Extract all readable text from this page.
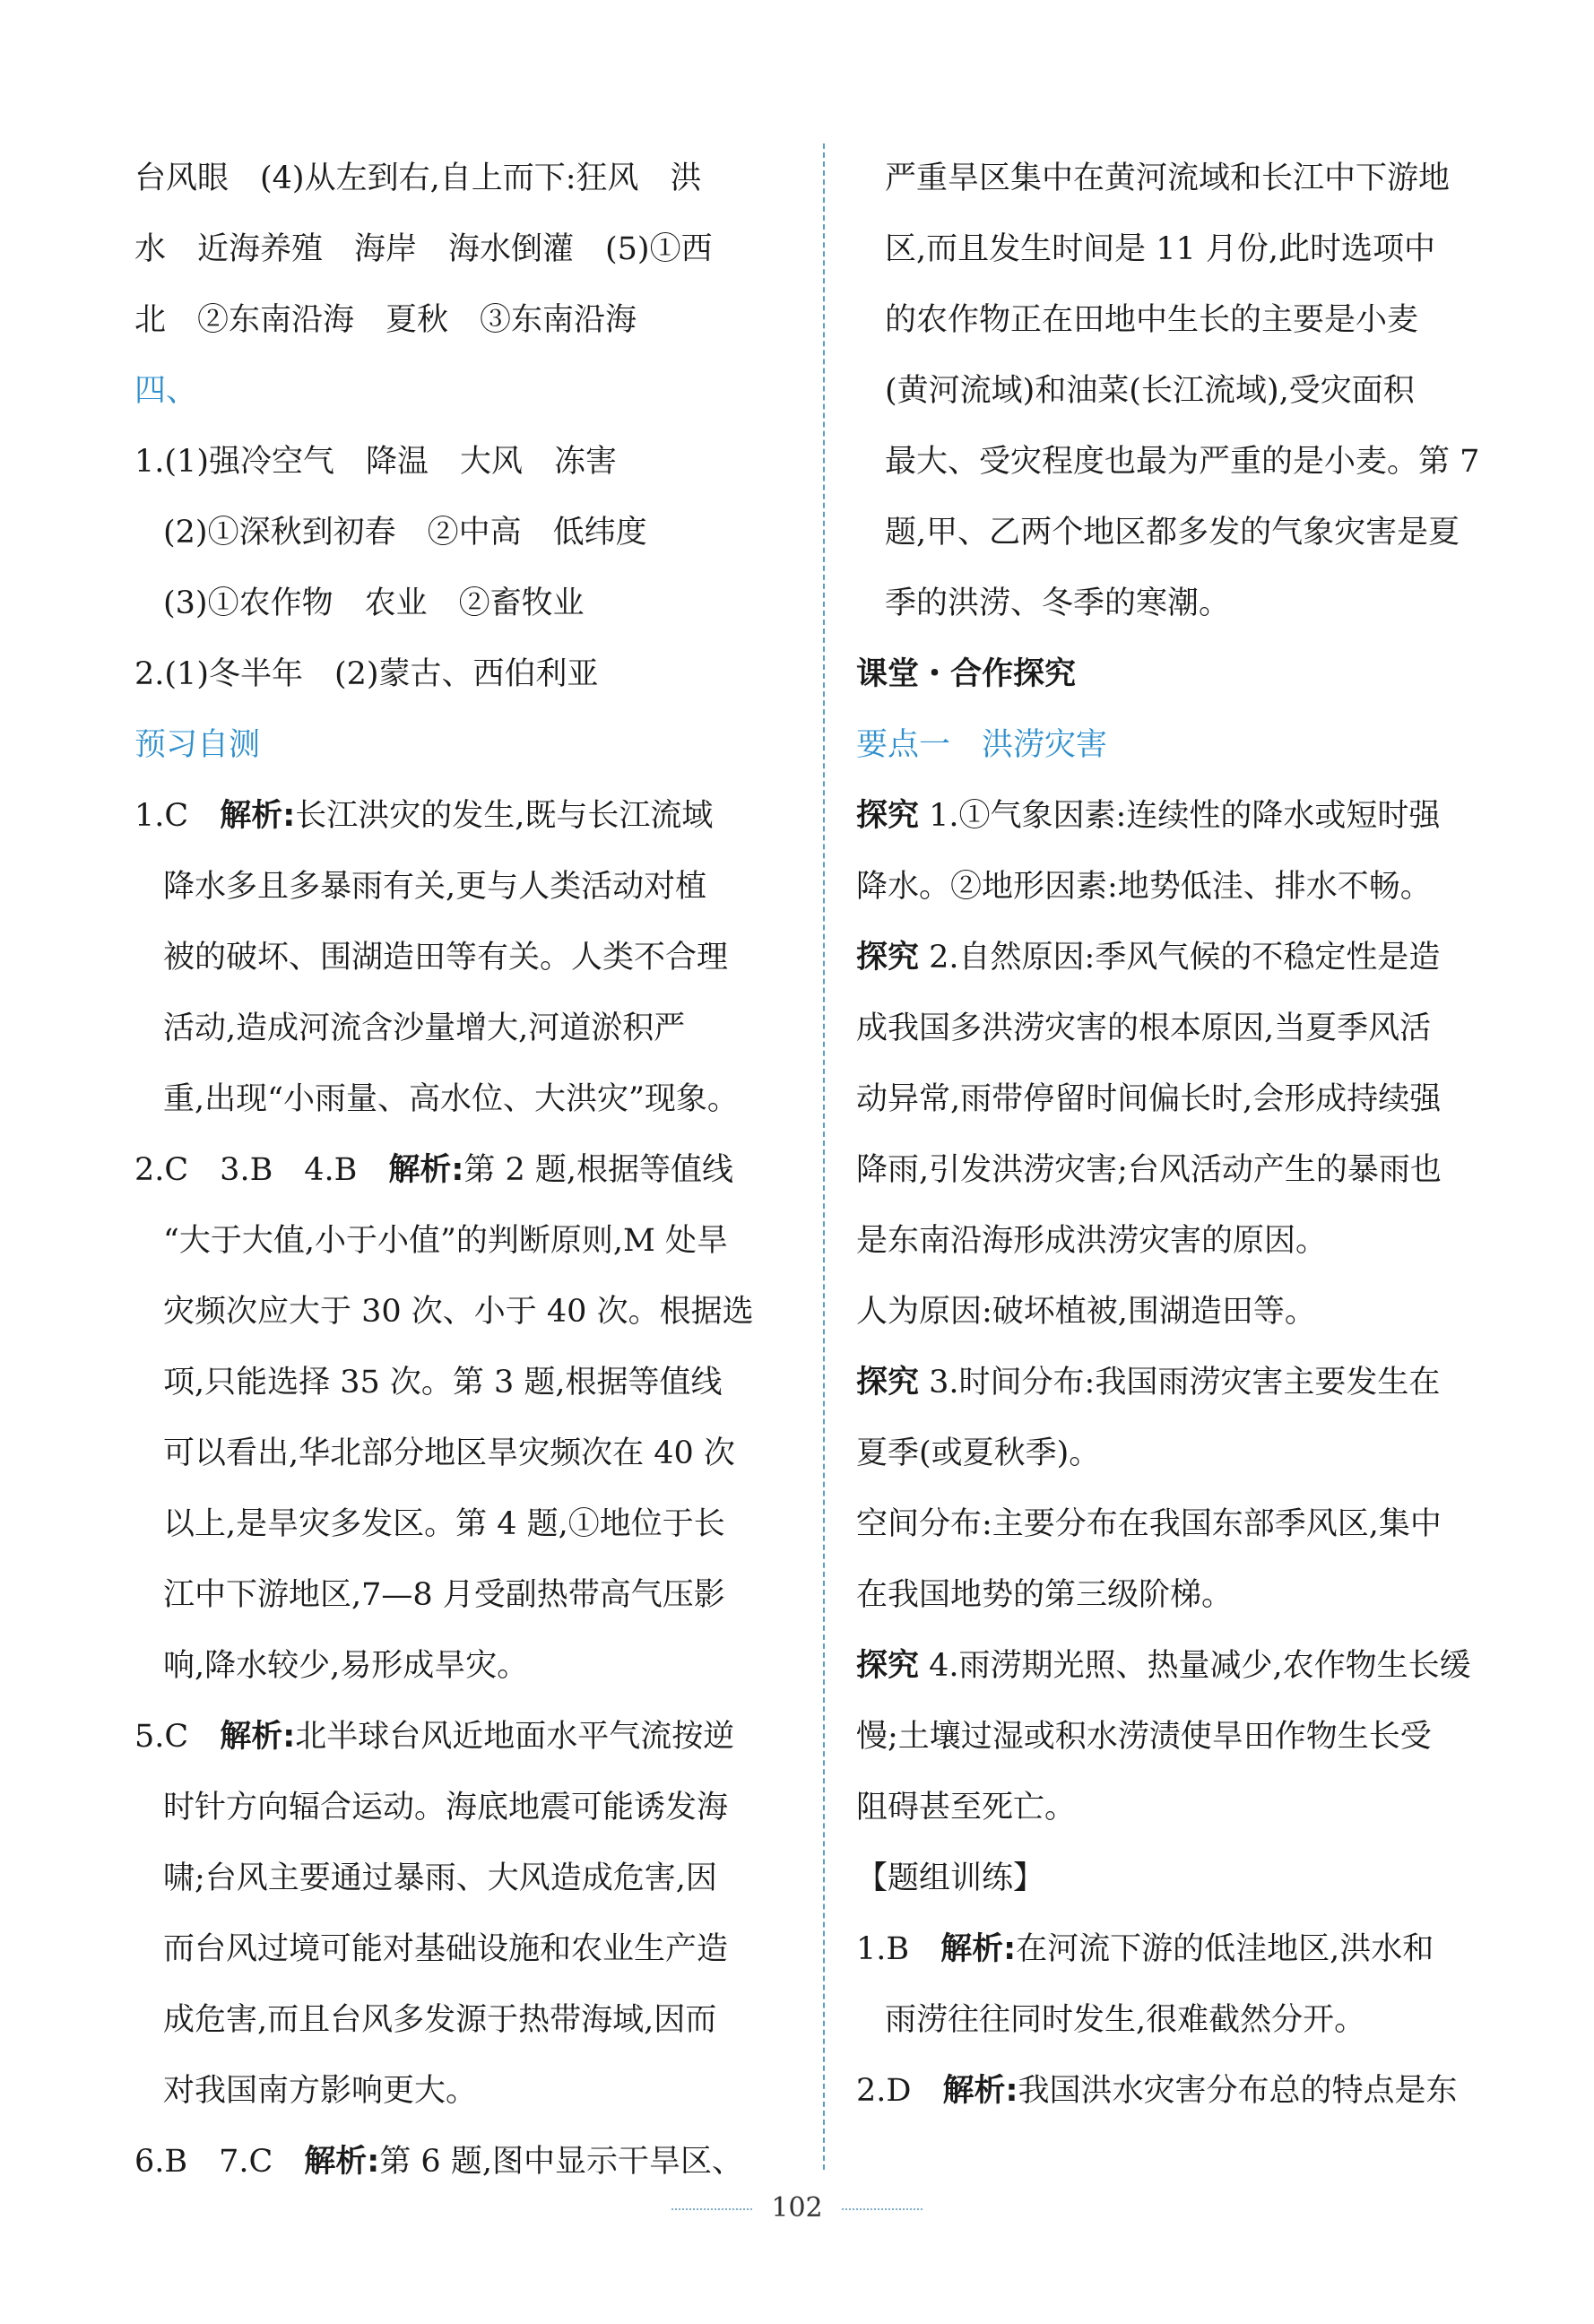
台风眼　(4)从左到右,自上而下:狂风　洪
水　近海养殖　海岸　海水倒灌　(5)①西
北　②东南沿海　夏秋　③东南沿海
四、
1.(1)强冷空气　降温　大风　冻害
(2)①深秋到初春　②中高　低纬度
(3)①农作物　农业　②畜牧业
2.(1)冬半年　(2)蒙古、西伯利亚
预习自测
1.C　解析:长江洪灾的发生,既与长江流域
降水多且多暴雨有关,更与人类活动对植
被的破坏、围湖造田等有关。人类不合理
活动,造成河流含沙量增大,河道淤积严
重,出现“小雨量、高水位、大洪灾”现象。
2.C　3.B　4.B　解析:第 2 题,根据等值线
“大于大值,小于小值”的判断原则,M 处旱
灾频次应大于 30 次、小于 40 次。根据选
项,只能选择 35 次。第 3 题,根据等值线
可以看出,华北部分地区旱灾频次在 40 次
以上,是旱灾多发区。第 4 题,①地位于长
江中下游地区,7—8 月受副热带高气压影
响,降水较少,易形成旱灾。
5.C　解析:北半球台风近地面水平气流按逆
时针方向辐合运动。海底地震可能诱发海
啸;台风主要通过暴雨、大风造成危害,因
而台风过境可能对基础设施和农业生产造
成危害,而且台风多发源于热带海域,因而
对我国南方影响更大。
6.B　7.C　解析:第 6 题,图中显示干旱区、
严重旱区集中在黄河流域和长江中下游地
区,而且发生时间是 11 月份,此时选项中
的农作物正在田地中生长的主要是小麦
(黄河流域)和油菜(长江流域),受灾面积
最大、受灾程度也最为严重的是小麦。第 7
题,甲、乙两个地区都多发的气象灾害是夏
季的洪涝、冬季的寒潮。
课堂・合作探究
要点一　洪涝灾害
探究 1.①气象因素:连续性的降水或短时强
降水。②地形因素:地势低洼、排水不畅。
探究 2.自然原因:季风气候的不稳定性是造
成我国多洪涝灾害的根本原因,当夏季风活
动异常,雨带停留时间偏长时,会形成持续强
降雨,引发洪涝灾害;台风活动产生的暴雨也
是东南沿海形成洪涝灾害的原因。
人为原因:破坏植被,围湖造田等。
探究 3.时间分布:我国雨涝灾害主要发生在
夏季(或夏秋季)。
空间分布:主要分布在我国东部季风区,集中
在我国地势的第三级阶梯。
探究 4.雨涝期光照、热量减少,农作物生长缓
慢;土壤过湿或积水涝渍使旱田作物生长受
阻碍甚至死亡。
【题组训练】
1.B　解析:在河流下游的低洼地区,洪水和
雨涝往往同时发生,很难截然分开。
2.D　解析:我国洪水灾害分布总的特点是东
102
